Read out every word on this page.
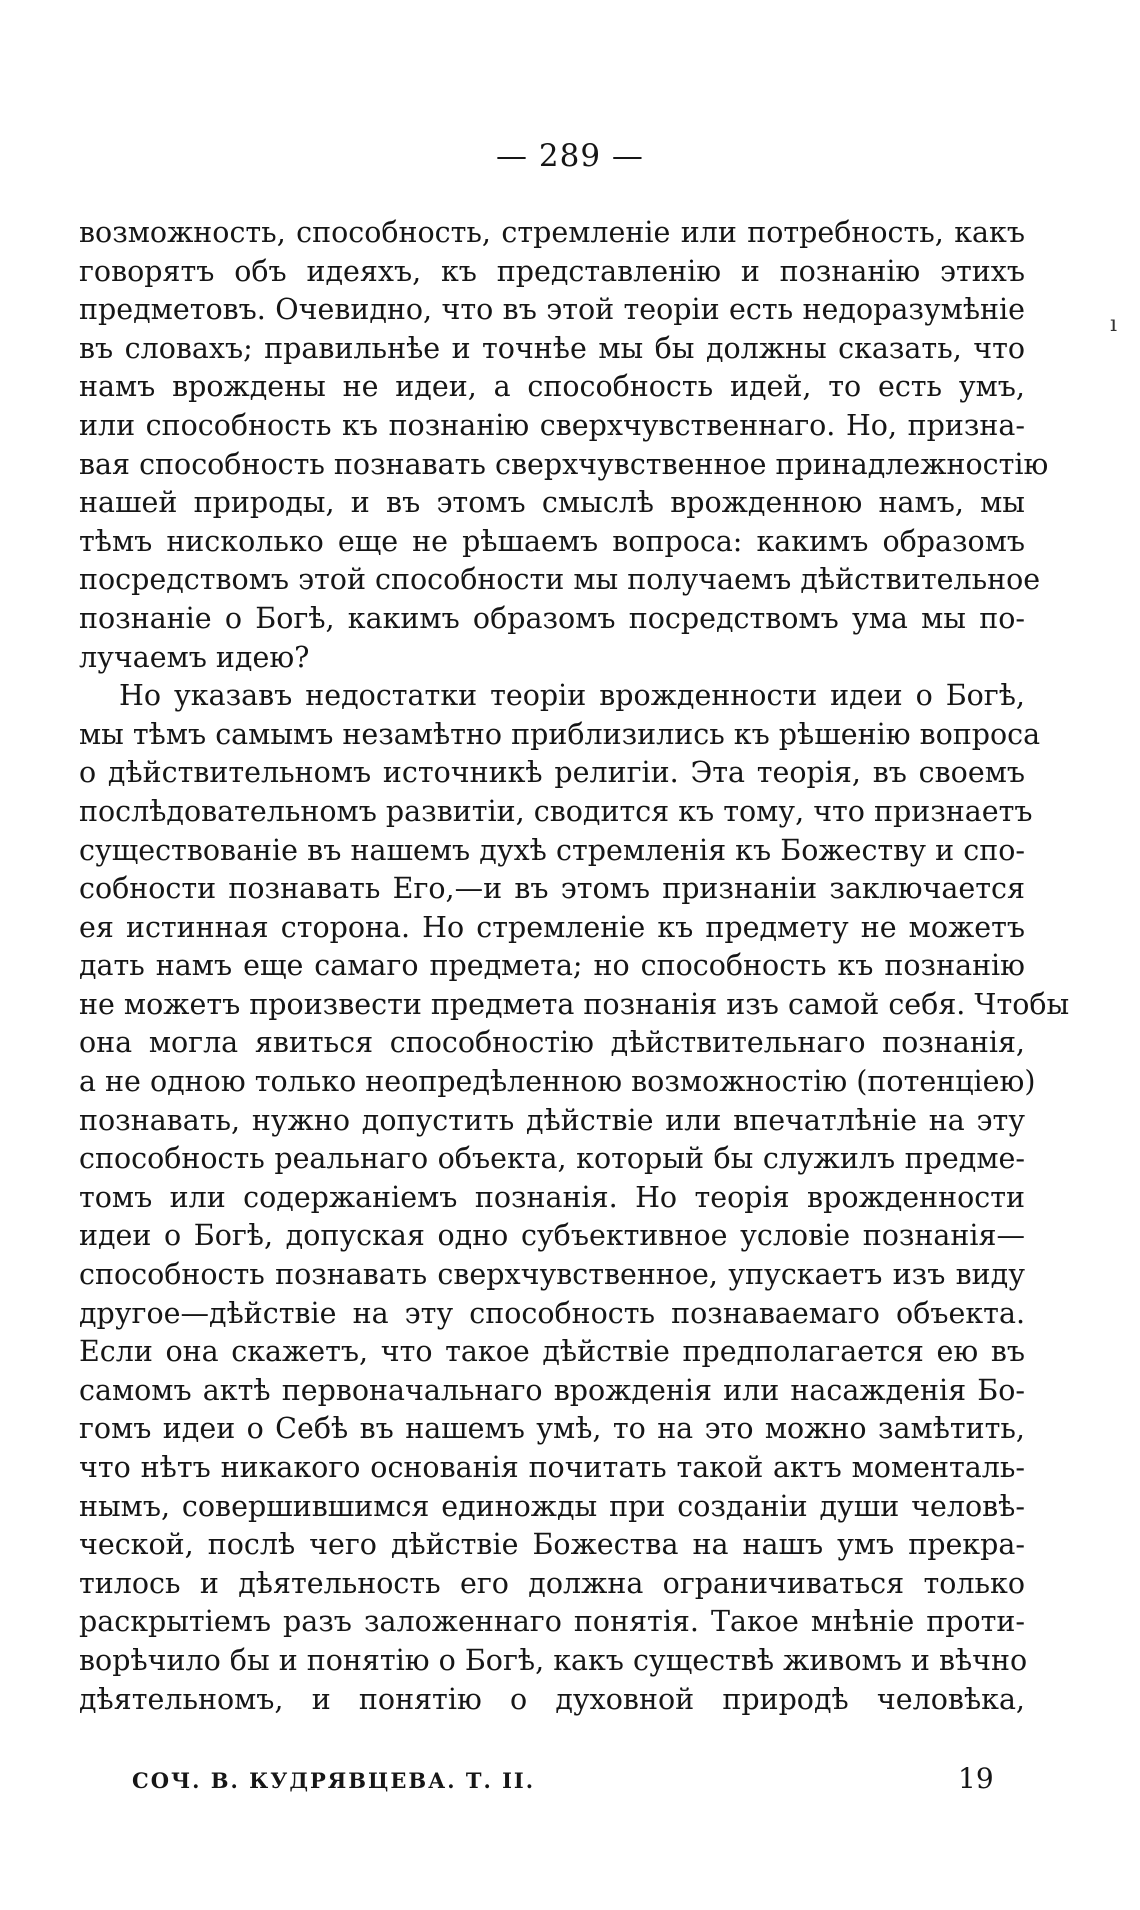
— 289 —
ı
возможность, способность, стремленіе или потребность, какъ
говорятъ объ идеяхъ, къ представленію и познанію этихъ
предметовъ. Очевидно, что въ этой теоріи есть недоразумѣніе
въ словахъ; правильнѣе и точнѣе мы бы должны сказать, что
намъ врождены не идеи, а способность идей, то есть умъ,
или способность къ познанію сверхчувственнаго. Но, призна-
вая способность познавать сверхчувственное принадлежностію
нашей природы, и въ этомъ смыслѣ врожденною намъ, мы
тѣмъ нисколько еще не рѣшаемъ вопроса: какимъ образомъ
посредствомъ этой способности мы получаемъ дѣйствительное
познаніе о Богѣ, какимъ образомъ посредствомъ ума мы по-
лучаемъ идею?
Но указавъ недостатки теоріи врожденности идеи о Богѣ,
мы тѣмъ самымъ незамѣтно приблизились къ рѣшенію вопроса
о дѣйствительномъ источникѣ религіи. Эта теорія, въ своемъ
послѣдовательномъ развитіи, сводится къ тому, что признаетъ
существованіе въ нашемъ духѣ стремленія къ Божеству и спо-
собности познавать Его,—и въ этомъ признаніи заключается
ея истинная сторона. Но стремленіе къ предмету не можетъ
дать намъ еще самаго предмета; но способность къ познанію
не можетъ произвести предмета познанія изъ самой себя. Чтобы
она могла явиться способностію дѣйствительнаго познанія,
а не одною только неопредѣленною возможностію (потенціею)
познавать, нужно допустить дѣйствіе или впечатлѣніе на эту
способность реальнаго объекта, который бы служилъ предме-
томъ или содержаніемъ познанія. Но теорія врожденности
идеи о Богѣ, допуская одно субъективное условіе познанія—
способность познавать сверхчувственное, упускаетъ изъ виду
другое—дѣйствіе на эту способность познаваемаго объекта.
Если она скажетъ, что такое дѣйствіе предполагается ею въ
самомъ актѣ первоначальнаго врожденія или насажденія Бо-
гомъ идеи о Себѣ въ нашемъ умѣ, то на это можно замѣтить,
что нѣтъ никакого основанія почитать такой актъ моменталь-
нымъ, совершившимся единожды при созданіи души человѣ-
ческой, послѣ чего дѣйствіе Божества на нашъ умъ прекра-
тилось и дѣятельность его должна ограничиваться только
раскрытіемъ разъ заложеннаго понятія. Такое мнѣніе проти-
ворѣчило бы и понятію о Богѣ, какъ существѣ живомъ и вѣчно
дѣятельномъ, и понятію о духовной природѣ человѣка,
СОЧ. В. КУДРЯВЦЕВА. Т. II.	19
